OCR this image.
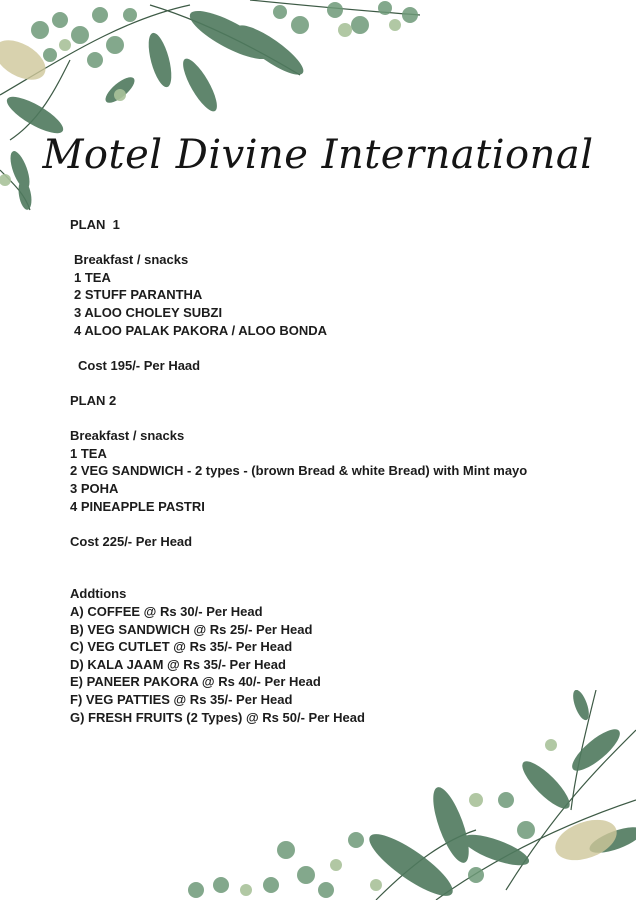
Motel Divine International
PLAN  1
Breakfast / snacks
1 TEA
2 STUFF PARANTHA
3 ALOO CHOLEY SUBZI
4 ALOO PALAK PAKORA / ALOO BONDA
Cost 195/- Per Haad
PLAN 2
Breakfast / snacks
1 TEA
2 VEG SANDWICH - 2 types - (brown Bread & white Bread) with Mint mayo
3 POHA
4 PINEAPPLE PASTRI
Cost 225/- Per Head
Addtions
A) COFFEE @ Rs 30/- Per Head
B) VEG SANDWICH @ Rs 25/- Per Head
C) VEG CUTLET @ Rs 35/- Per Head
D) KALA JAAM @ Rs 35/- Per Head
E) PANEER PAKORA @ Rs 40/- Per Head
F) VEG PATTIES @ Rs 35/- Per Head
G) FRESH FRUITS (2 Types) @ Rs 50/- Per Head
